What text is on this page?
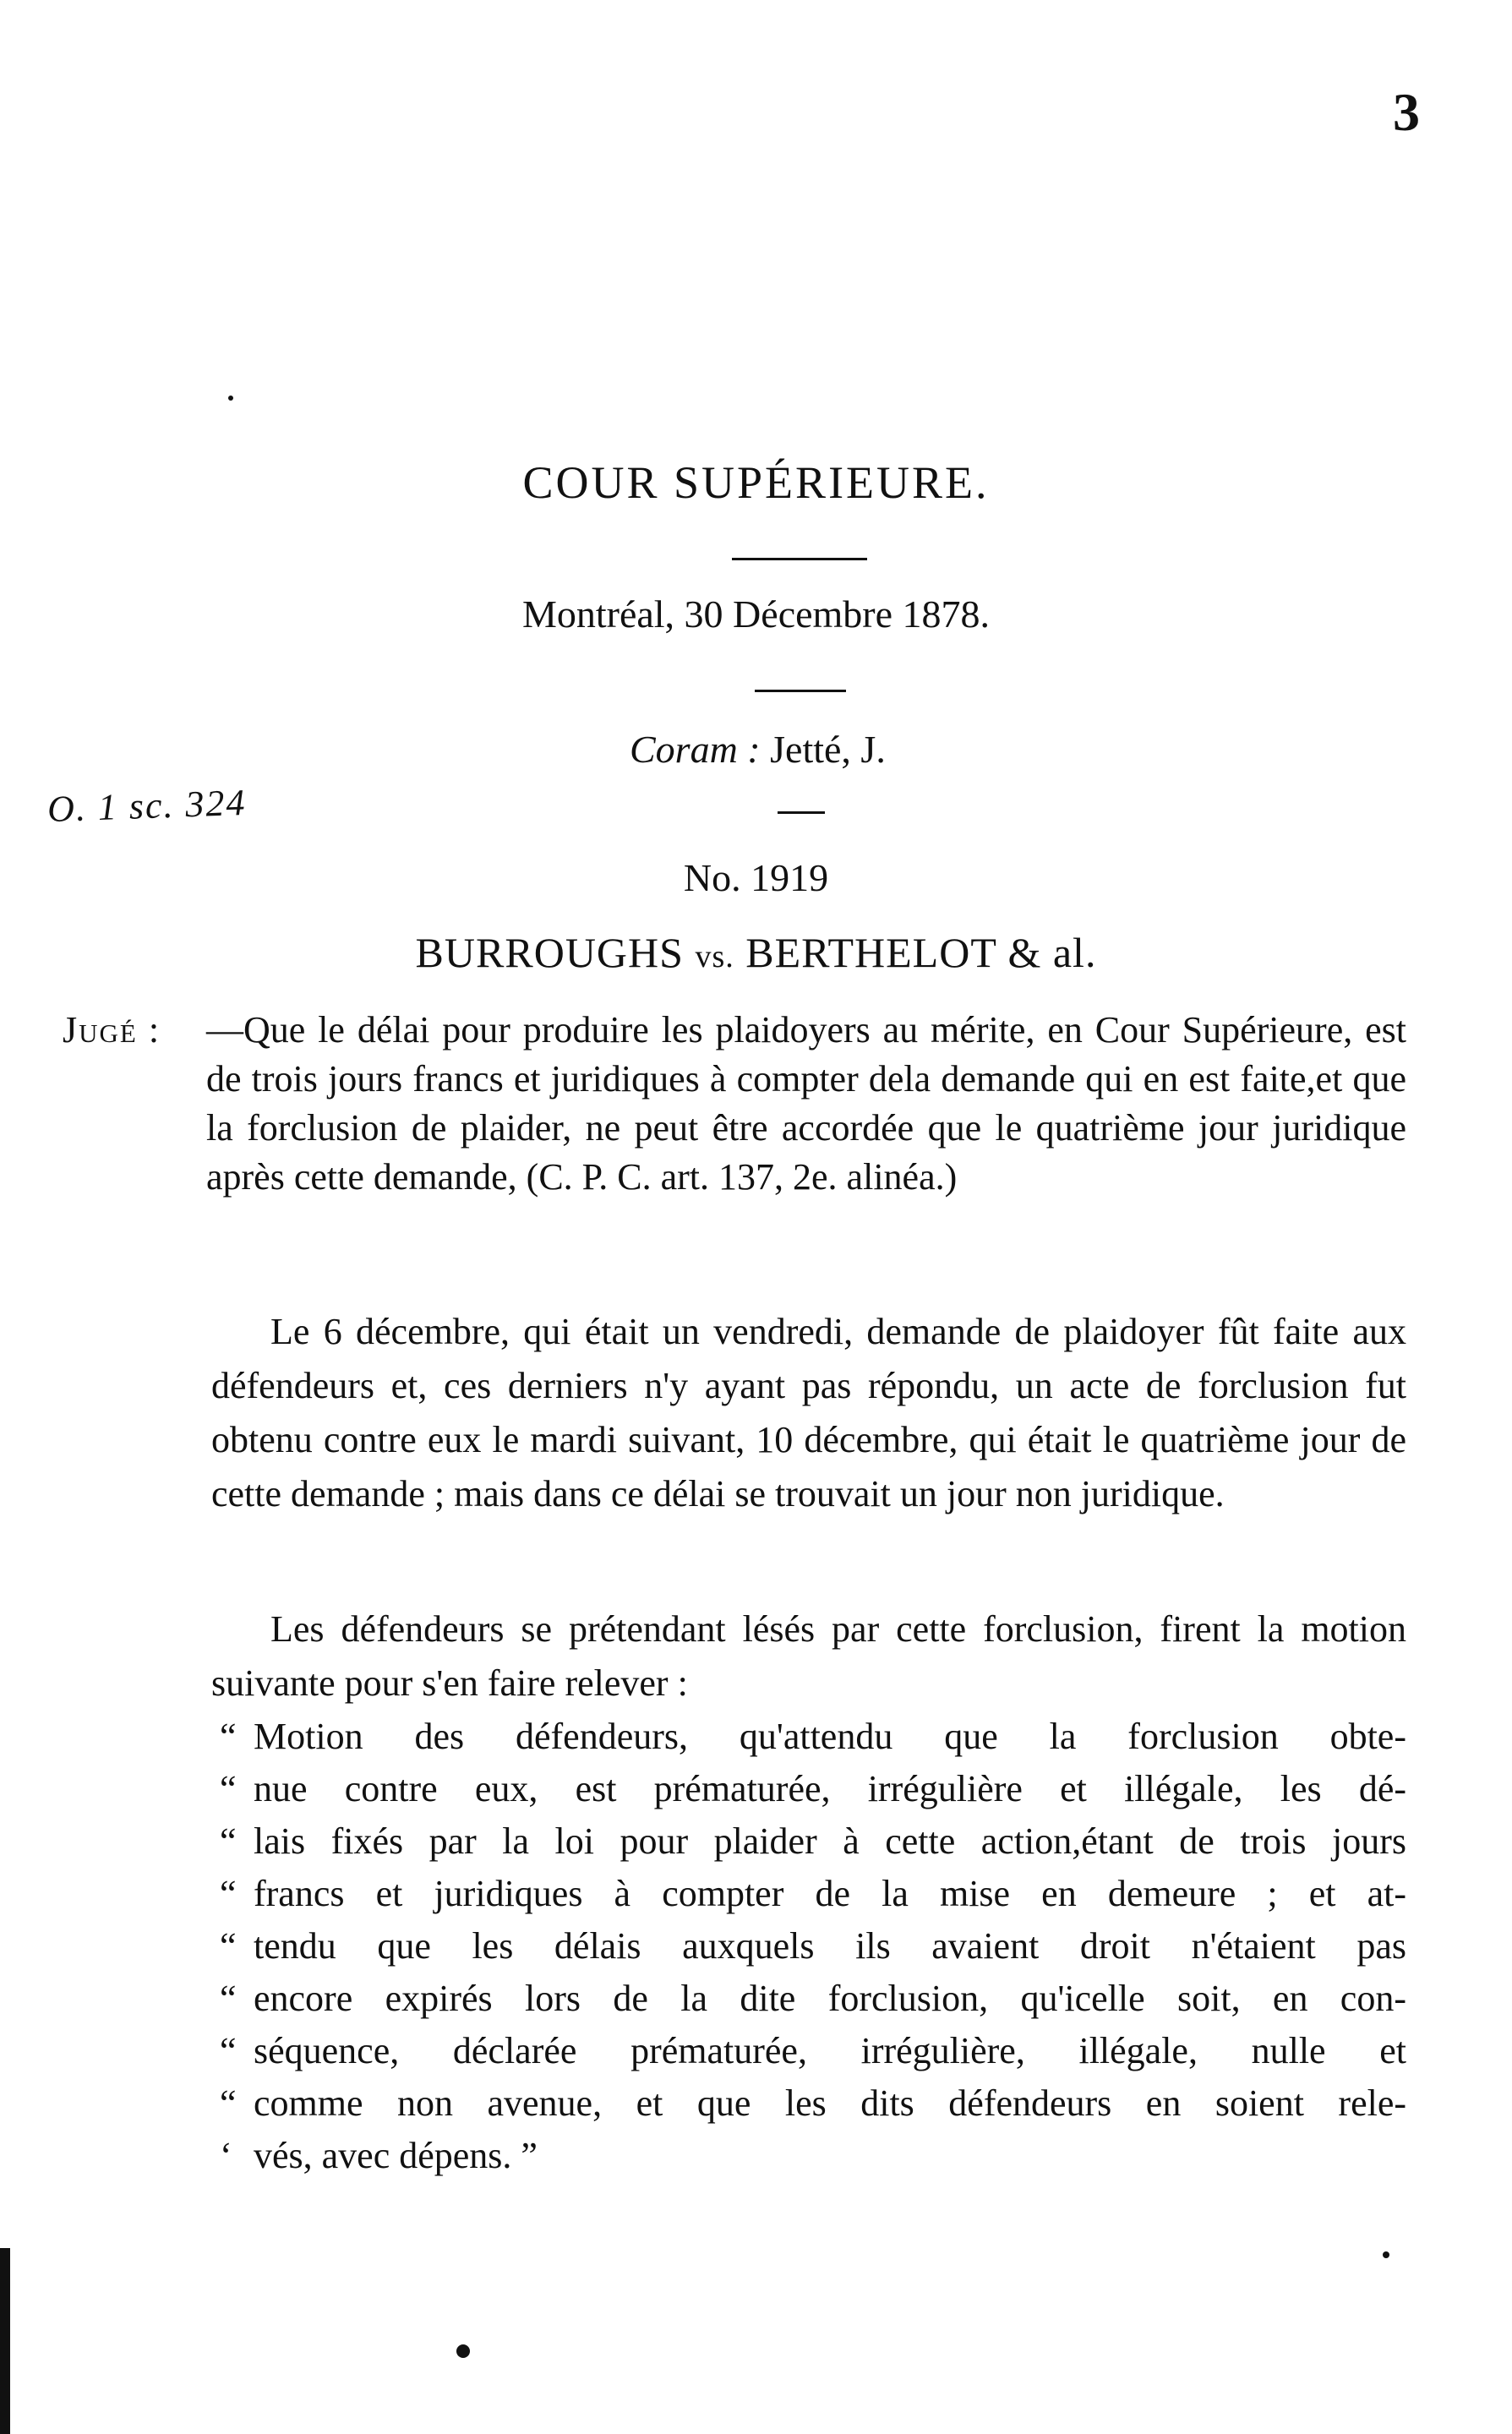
3
O. 1 sc. 324
COUR SUPÉRIEURE.
Montréal, 30 Décembre 1878.
Coram : Jetté, J.
No. 1919
BURROUGHS vs. BERTHELOT & al.
Jugé : —Que le délai pour produire les plaidoyers au mérite, en Cour Supérieure, est de trois jours francs et juridiques à compter dela demande qui en est faite,et que la forclusion de plaider, ne peut être accordée que le quatrième jour juridique après cette demande, (C. P. C. art. 137, 2e. alinéa.)
Le 6 décembre, qui était un vendredi, demande de plaidoyer fût faite aux défendeurs et, ces derniers n'y ayant pas répondu, un acte de forclusion fut obtenu contre eux le mardi suivant, 10 décembre, qui était le quatrième jour de cette demande ; mais dans ce délai se trouvait un jour non juridique.
Les défendeurs se prétendant lésés par cette forclusion, firent la motion suivante pour s'en faire relever :
“ Motion des défendeurs, qu'attendu que la forclusion obte-
“ nue contre eux, est prématurée, irrégulière et illégale, les dé-
“ lais fixés par la loi pour plaider à cette action,étant de trois jours
“ francs et juridiques à compter de la mise en demeure ; et at-
“ tendu que les délais auxquels ils avaient droit n'étaient pas
“ encore expirés lors de la dite forclusion, qu'icelle soit, en con-
“ séquence, déclarée prématurée, irrégulière, illégale, nulle et
“ comme non avenue, et que les dits défendeurs en soient rele-
‘ vés, avec dépens. ”
